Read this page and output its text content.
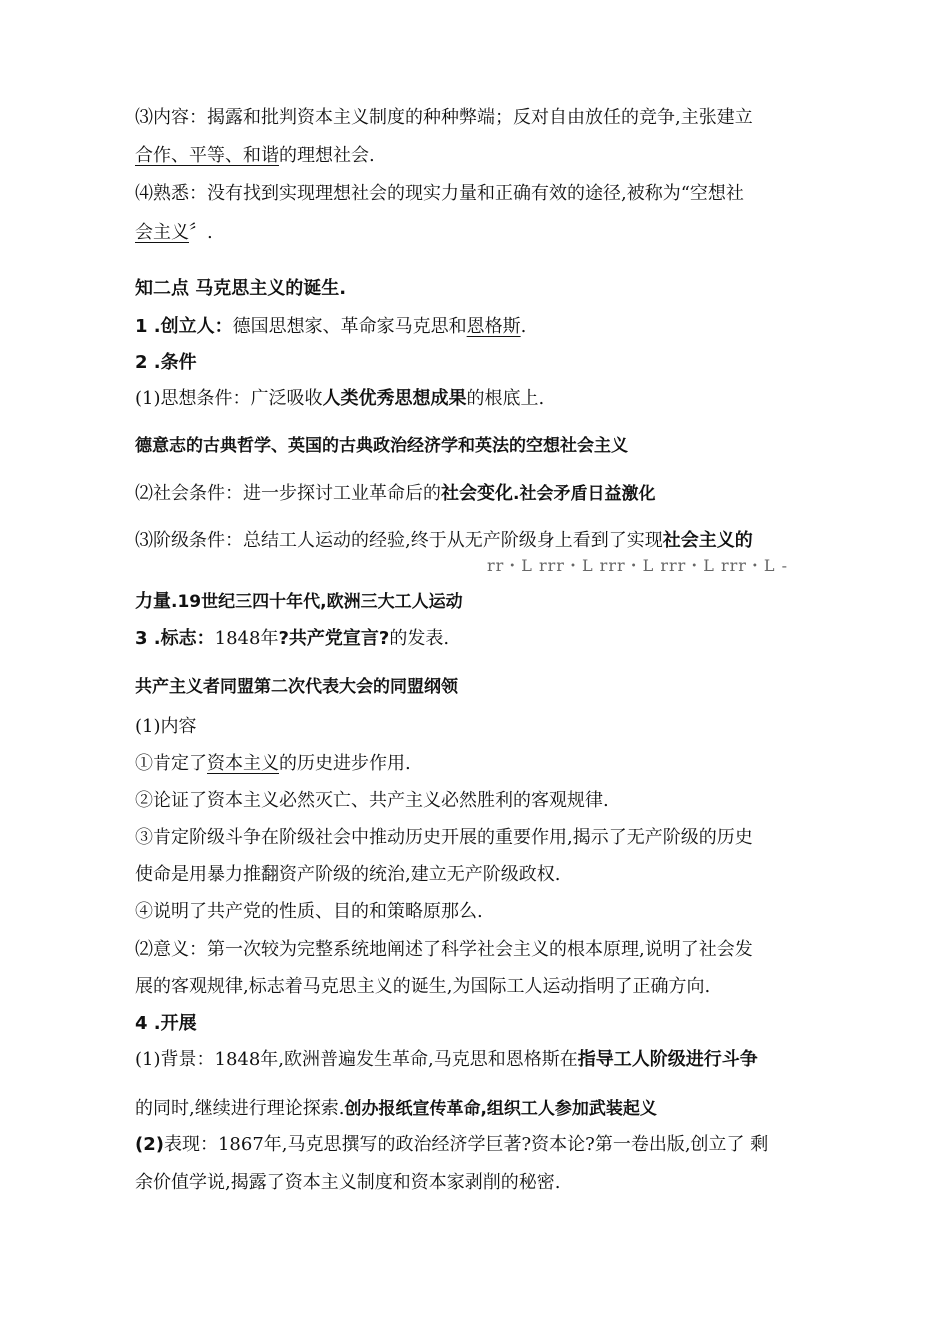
⑶内容：揭露和批判资本主义制度的种种弊端；反对自由放任的竞争,主张建立
合作、平等、和谐的理想社会.
⑷熟悉：没有找到实现理想社会的现实力量和正确有效的途径,被称为“空想社
会主义〞.
知二点 马克思主义的诞生.
1 .创立人：德国思想家、革命家马克思和恩格斯.
2 .条件
(1)思想条件：广泛吸收人类优秀思想成果的根底上.
德意志的古典哲学、英国的古典政治经济学和英法的空想社会主义
⑵社会条件：进一步探讨工业革命后的社会变化.社会矛盾日益激化
⑶阶级条件：总结工人运动的经验,终于从无产阶级身上看到了实现社会主义的
rr・L rrr・L rrr・L rrr・L rrr・L -
力量.19世纪三四十年代,欧洲三大工人运动
3 .标志：1848年?共产党宣言?的发表.
共产主义者同盟第二次代表大会的同盟纲领
(1)内容
①肯定了资本主义的历史进步作用.
②论证了资本主义必然灭亡、共产主义必然胜利的客观规律.
③肯定阶级斗争在阶级社会中推动历史开展的重要作用,揭示了无产阶级的历史
使命是用暴力推翻资产阶级的统治,建立无产阶级政权.
④说明了共产党的性质、目的和策略原那么.
⑵意义：第一次较为完整系统地阐述了科学社会主义的根本原理,说明了社会发
展的客观规律,标志着马克思主义的诞生,为国际工人运动指明了正确方向.
4 .开展
(1)背景：1848年,欧洲普遍发生革命,马克思和恩格斯在指导工人阶级进行斗争
的同时,继续进行理论探索.创办报纸宣传革命,组织工人参加武装起义
(2)表现：1867年,马克思撰写的政治经济学巨著?资本论?第一卷出版,创立了 剩
余价值学说,揭露了资本主义制度和资本家剥削的秘密.
